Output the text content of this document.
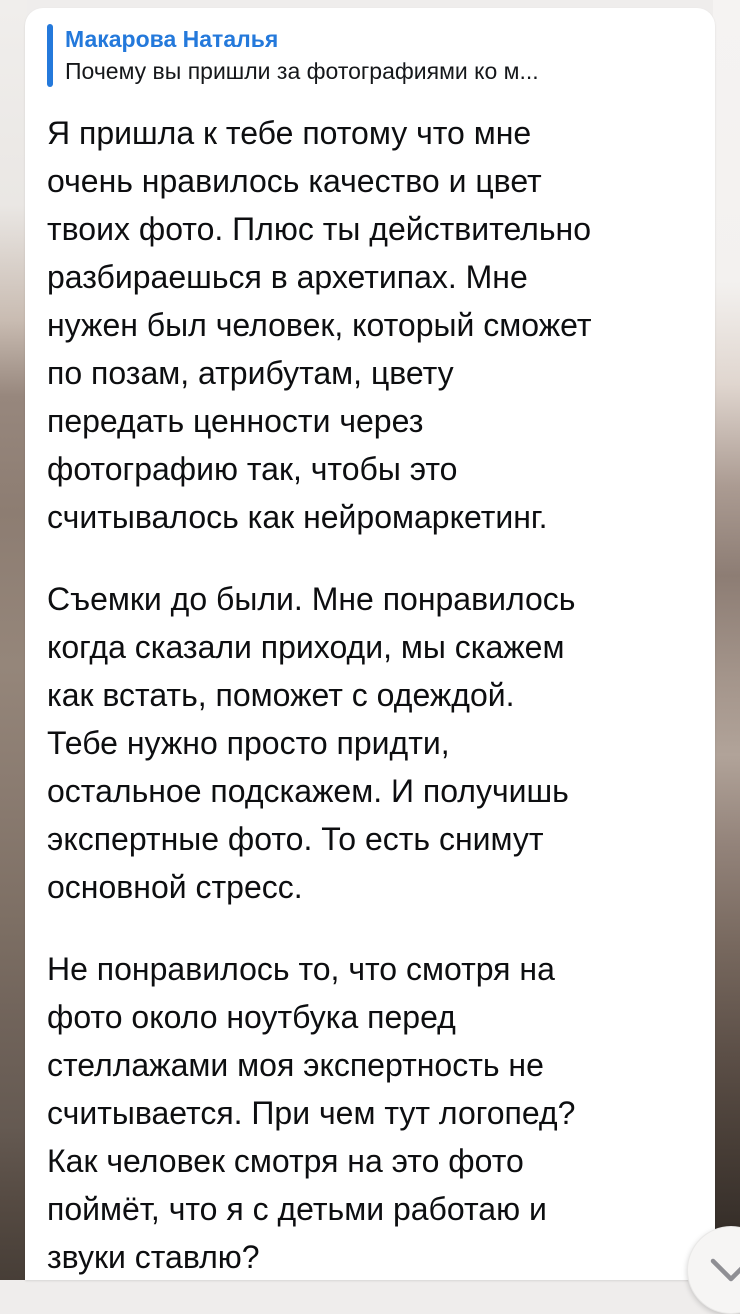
Макарова Наталья
Почему вы пришли за фотографиями ко м...
Я пришла к тебе потому что мне
очень нравилось качество и цвет
твоих фото. Плюс ты действительно
разбираешься в архетипах. Мне
нужен был человек, который сможет
по позам, атрибутам, цвету
передать ценности через
фотографию так, чтобы это
считывалось как нейромаркетинг.
Съемки до были. Мне понравилось
когда сказали приходи, мы скажем
как встать, поможет с одеждой.
Тебе нужно просто придти,
остальное подскажем. И получишь
экспертные фото. То есть снимут
основной стресс.
Не понравилось то, что смотря на
фото около ноутбука перед
стеллажами моя экспертность не
считывается. При чем тут логопед?
Как человек смотря на это фото
поймёт, что я с детьми работаю и
звуки ставлю?
